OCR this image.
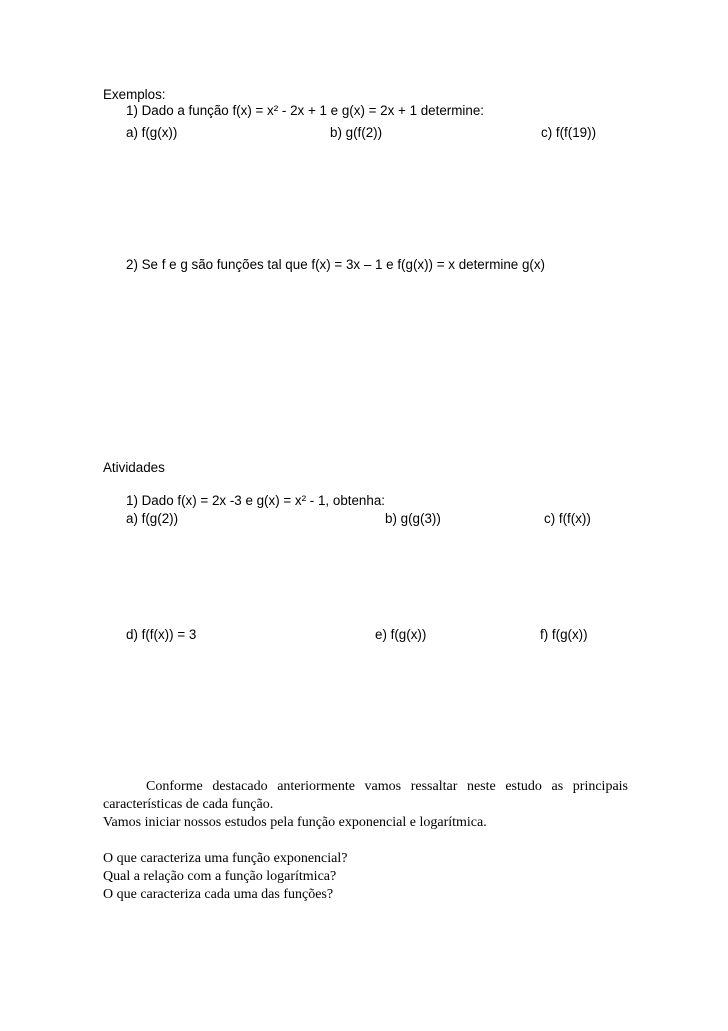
Exemplos:
1) Dado a função f(x) = x² - 2x + 1 e g(x) = 2x + 1 determine:
a) f(g(x))	b) g(f(2))	c) f(f(19))
2) Se f e g são funções tal que f(x) = 3x – 1 e f(g(x)) = x determine g(x)
Atividades
1) Dado f(x) = 2x -3 e g(x) = x² - 1, obtenha:
a) f(g(2))	b) g(g(3))	c) f(f(x))
d) f(f(x)) = 3	e) f(g(x))	f) f(g(x))
Conforme destacado anteriormente vamos ressaltar neste estudo as principais
características de cada função.
Vamos iniciar nossos estudos pela função exponencial e logarítmica.
O que caracteriza uma função exponencial?
Qual a relação com a função logarítmica?
O que caracteriza cada uma das funções?
